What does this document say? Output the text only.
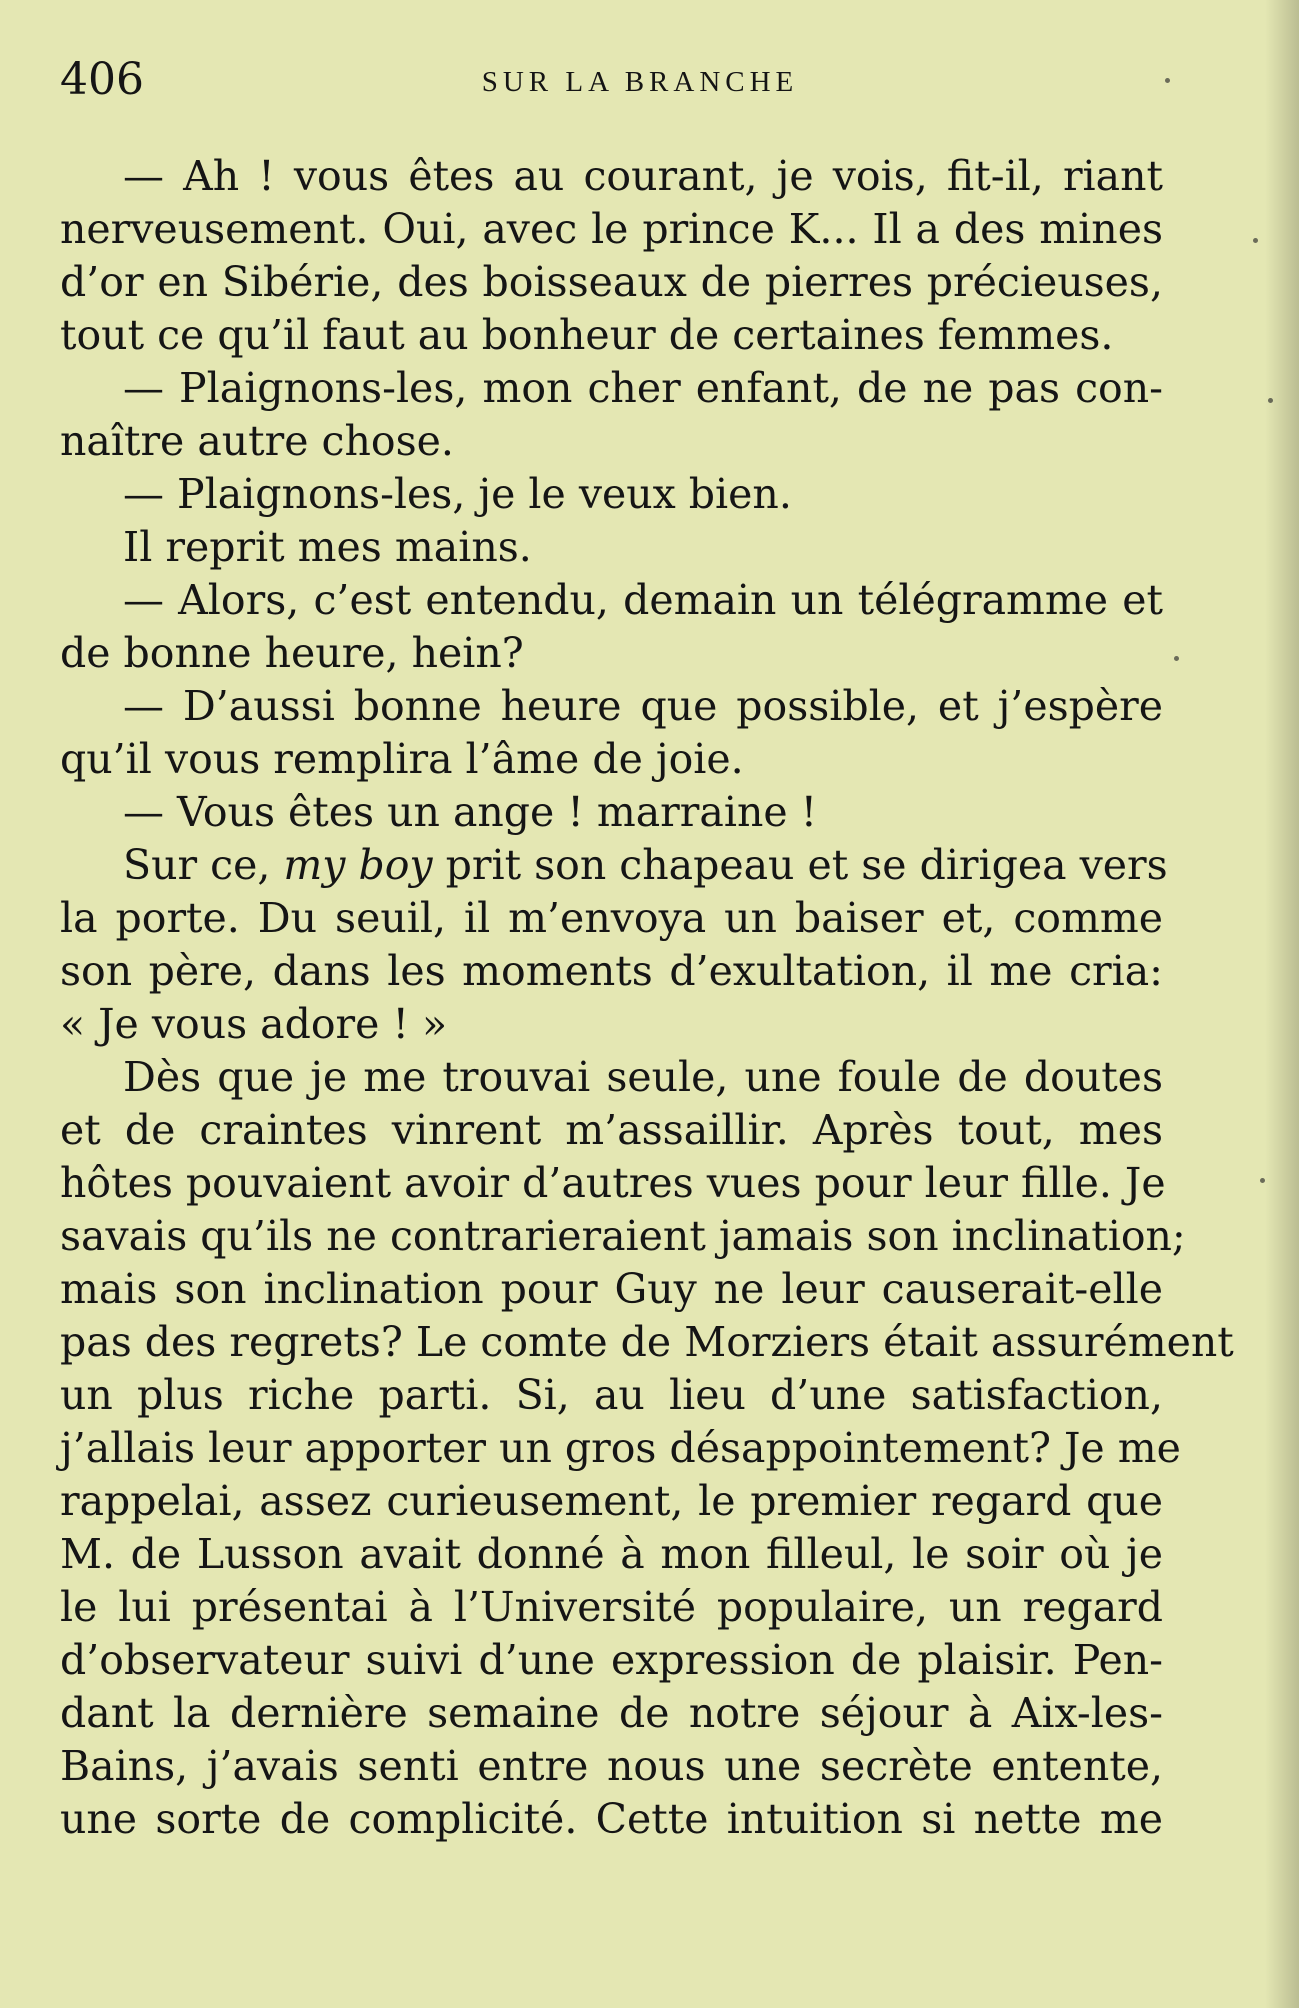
406	SUR LA BRANCHE
— Ah ! vous êtes au courant, je vois, fit-il, riant
nerveusement. Oui, avec le prince K... Il a des mines
d’or en Sibérie, des boisseaux de pierres précieuses,
tout ce qu’il faut au bonheur de certaines femmes.
— Plaignons-les, mon cher enfant, de ne pas con-
naître autre chose.
— Plaignons-les, je le veux bien.
Il reprit mes mains.
— Alors, c’est entendu, demain un télégramme et
de bonne heure, hein?
— D’aussi bonne heure que possible, et j’espère
qu’il vous remplira l’âme de joie.
— Vous êtes un ange ! marraine !
Sur ce, my boy prit son chapeau et se dirigea vers
la porte. Du seuil, il m’envoya un baiser et, comme
son père, dans les moments d’exultation, il me cria:
« Je vous adore ! »
Dès que je me trouvai seule, une foule de doutes
et de craintes vinrent m’assaillir. Après tout, mes
hôtes pouvaient avoir d’autres vues pour leur fille. Je
savais qu’ils ne contrarieraient jamais son inclination;
mais son inclination pour Guy ne leur causerait-elle
pas des regrets? Le comte de Morziers était assurément
un plus riche parti. Si, au lieu d’une satisfaction,
j’allais leur apporter un gros désappointement? Je me
rappelai, assez curieusement, le premier regard que
M. de Lusson avait donné à mon filleul, le soir où je
le lui présentai à l’Université populaire, un regard
d’observateur suivi d’une expression de plaisir. Pen-
dant la dernière semaine de notre séjour à Aix-les-
Bains, j’avais senti entre nous une secrète entente,
une sorte de complicité. Cette intuition si nette me
